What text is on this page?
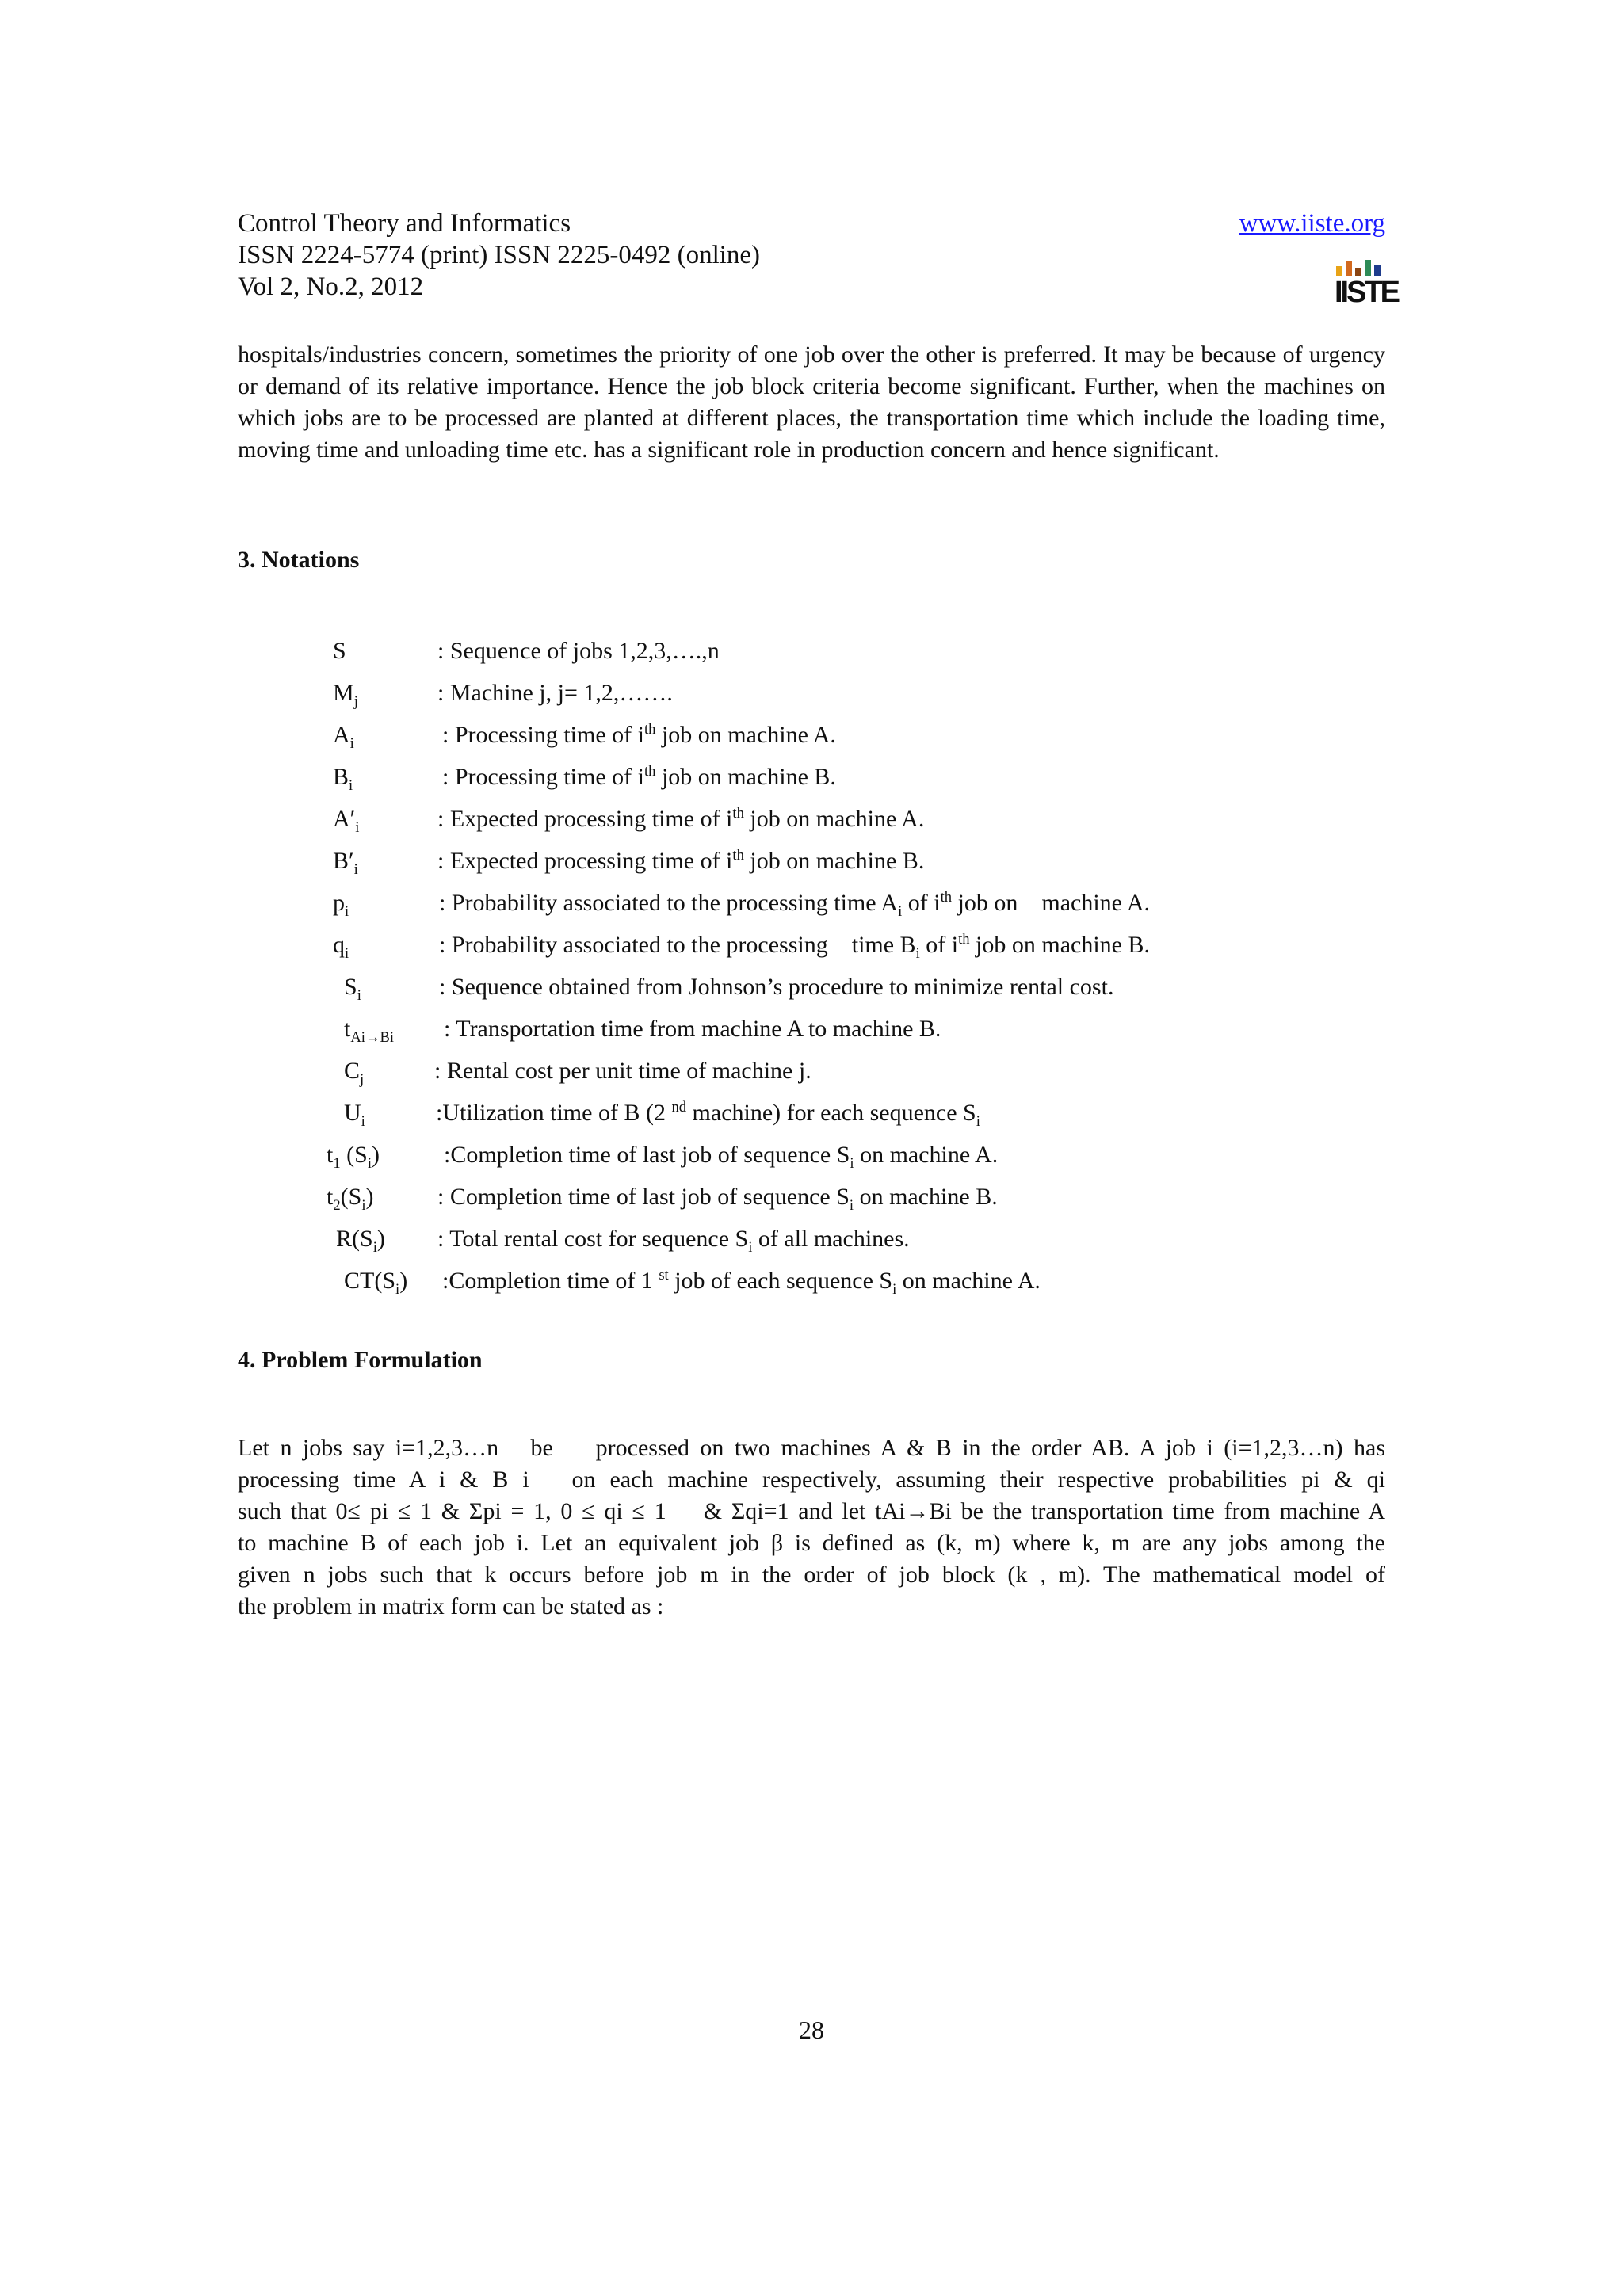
Control Theory and Informatics
ISSN 2224-5774 (print) ISSN 2225-0492 (online)
Vol 2, No.2, 2012
www.iiste.org
IISTE

hospitals/industries concern, sometimes the priority of one job over the other is preferred. It may be because of urgency or demand of its relative importance. Hence the job block criteria become significant. Further, when the machines on which jobs are to be processed are planted at different places, the transportation time which include the loading time, moving time and unloading time etc. has a significant role in production concern and hence significant.

3. Notations
S	: Sequence of jobs 1,2,3,….,n
$M_j$	: Machine j, j= 1,2,…….
$A_i$	: Processing time of $i^{th}$ job on machine A.
$B_i$	: Processing time of $i^{th}$ job on machine B.
$A'_i$	: Expected processing time of $i^{th}$ job on machine A.
$B'_i$	: Expected processing time of $i^{th}$ job on machine B.
$p_i$	: Probability associated to the processing time $A_i$ of $i^{th}$ job on    machine A.
$q_i$	: Probability associated to the processing    time $B_i$ of $i^{th}$ job on machine B.
$S_i$	: Sequence obtained from Johnson’s procedure to minimize rental cost.
$t_{Ai\to Bi}$ : Transportation time from machine A to machine B.
$C_j$	: Rental cost per unit time of machine j.
$U_i$	:Utilization time of B (2 $^{nd}$ machine) for each sequence $S_i$
$t_1$ $(S_i)$	:Completion time of last job of sequence $S_i$ on machine A.
$t_2(S_i)$	: Completion time of last job of sequence $S_i$ on machine B.
$R(S_i)$ : Total rental cost for sequence $S_i$ of all machines.
$CT(S_i)$ :Completion time of 1 $^{st}$ job of each sequence $S_i$ on machine A.
4. Problem Formulation
Let n jobs say i=1,2,3…n   be    processed on two machines A & B in the order AB. A job i (i=1,2,3…n) has
processing time A i & B i   on each machine respectively, assuming their respective probabilities pi & qi
such that 0≤ pi ≤ 1 & Σpi = 1, 0 ≤ qi ≤ 1    & Σqi=1 and let tAi→Bi be the transportation time from machine A
to machine B of each job i. Let an equivalent job β is defined as (k, m) where k, m are any jobs among the
given n jobs such that k occurs before job m in the order of job block (k , m). The mathematical model of
the problem in matrix form can be stated as :
28
